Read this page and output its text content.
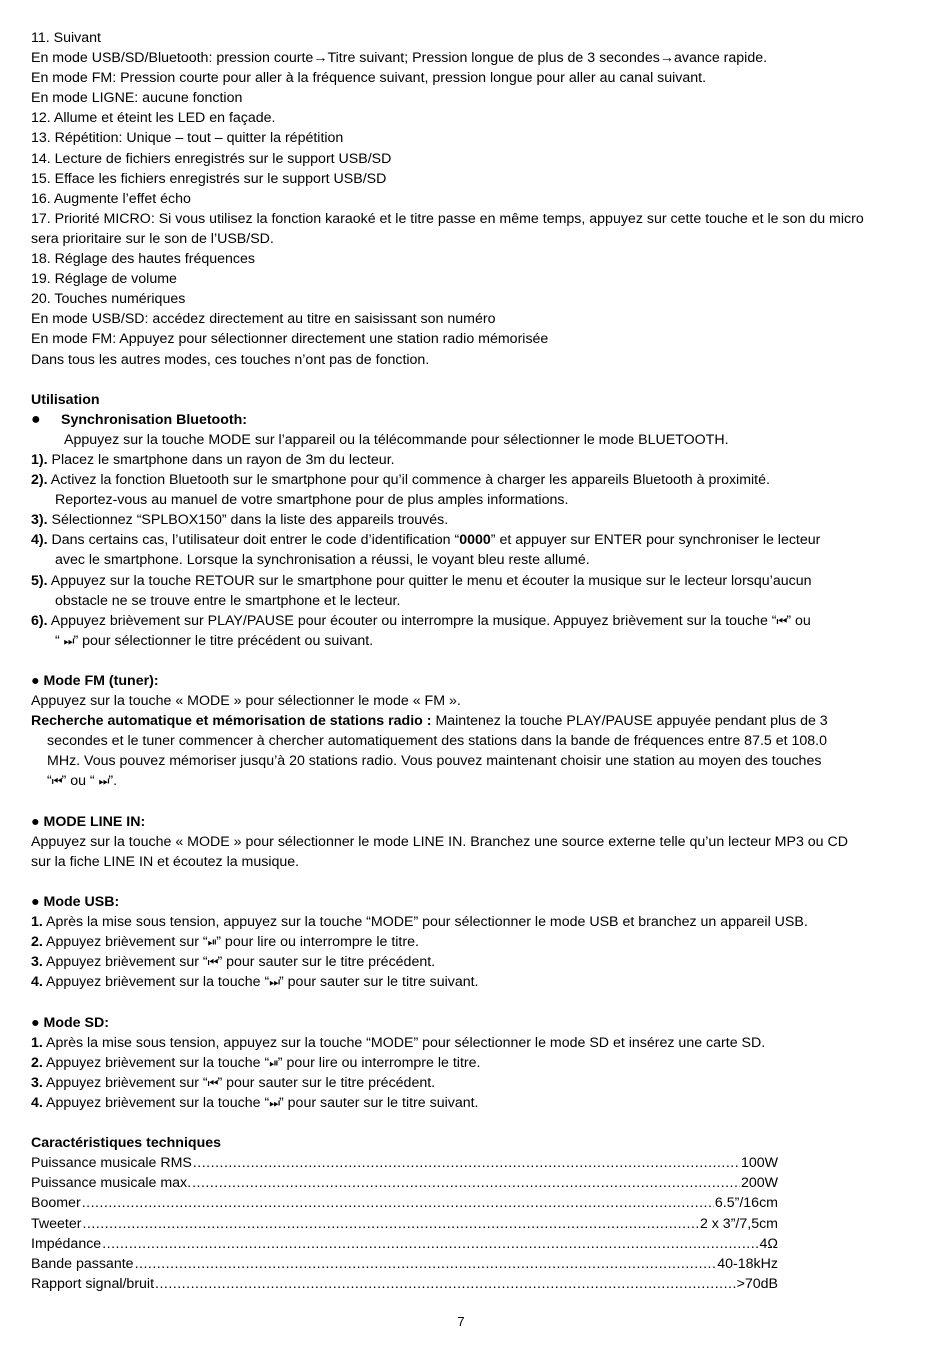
11. Suivant
En mode USB/SD/Bluetooth: pression courte→Titre suivant; Pression longue de plus de 3 secondes→avance rapide.
En mode FM: Pression courte pour aller à la fréquence suivant, pression longue pour aller au canal suivant.
En mode LIGNE: aucune fonction
12. Allume et éteint les LED en façade.
13. Répétition: Unique – tout – quitter la répétition
14. Lecture de fichiers enregistrés sur le support USB/SD
15. Efface les fichiers enregistrés sur le support USB/SD
16. Augmente l’effet écho
17. Priorité MICRO: Si vous utilisez la fonction karaoké et le titre passe en même temps, appuyez sur cette touche et le son du micro sera prioritaire sur le son de l’USB/SD.
18. Réglage des hautes fréquences
19. Réglage de volume
20. Touches numériques
En mode USB/SD: accédez directement au titre en saisissant son numéro
En mode FM: Appuyez pour sélectionner directement une station radio mémorisée
Dans tous les autres modes, ces touches n’ont pas de fonction.
Utilisation
● Synchronisation Bluetooth:
Appuyez sur la touche MODE sur l’appareil ou la télécommande pour sélectionner le mode BLUETOOTH.
1). Placez le smartphone dans un rayon de 3m du lecteur.
2). Activez la fonction Bluetooth sur le smartphone pour qu’il commence à charger les appareils Bluetooth à proximité.
Reportez-vous au manuel de votre smartphone pour de plus amples informations.
3). Sélectionnez “SPLBOX150” dans la liste des appareils trouvés.
4). Dans certains cas, l’utilisateur doit entrer le code d’identification “0000” et appuyer sur ENTER pour synchroniser le lecteur
avec le smartphone. Lorsque la synchronisation a réussi, le voyant bleu reste allumé.
5). Appuyez sur la touche RETOUR sur le smartphone pour quitter le menu et écouter la musique sur le lecteur lorsqu’aucun
obstacle ne se trouve entre le smartphone et le lecteur.
6). Appuyez brièvement sur PLAY/PAUSE pour écouter ou interrompre la musique. Appuyez brièvement sur la touche “⏮” ou
“ ⏭” pour sélectionner le titre précédent ou suivant.
● Mode FM (tuner):
Appuyez sur la touche « MODE » pour sélectionner le mode « FM ».
Recherche automatique et mémorisation de stations radio : Maintenez la touche PLAY/PAUSE appuyée pendant plus de 3
secondes et le tuner commencer à chercher automatiquement des stations dans la bande de fréquences entre 87.5 et 108.0
MHz. Vous pouvez mémoriser jusqu’à 20 stations radio. Vous pouvez maintenant choisir une station au moyen des touches
“⏮” ou “ ⏭”.
● MODE LINE IN:
Appuyez sur la touche « MODE » pour sélectionner le mode LINE IN. Branchez une source externe telle qu’un lecteur MP3 ou CD
sur la fiche LINE IN et écoutez la musique.
● Mode USB:
1. Après la mise sous tension, appuyez sur la touche “MODE” pour sélectionner le mode USB et branchez un appareil USB.
2. Appuyez brièvement sur “⏯” pour lire ou interrompre le titre.
3. Appuyez brièvement sur “⏮” pour sauter sur le titre précédent.
4. Appuyez brièvement sur la touche “⏭” pour sauter sur le titre suivant.
● Mode SD:
1. Après la mise sous tension, appuyez sur la touche “MODE” pour sélectionner le mode SD et insérez une carte SD.
2. Appuyez brièvement sur la touche “⏯” pour lire ou interrompre le titre.
3. Appuyez brièvement sur “⏮” pour sauter sur le titre précédent.
4. Appuyez brièvement sur la touche “⏭” pour sauter sur le titre suivant.
Caractéristiques techniques
Puissance musicale RMS .....	100W
Puissance musicale max. .....	200W
Boomer .....	6.5”/16cm
Tweeter .....	2 x 3”/7,5cm
Impédance .....	4Ω
Bande passante .....	40-18kHz
Rapport signal/bruit .....	>70dB
7
